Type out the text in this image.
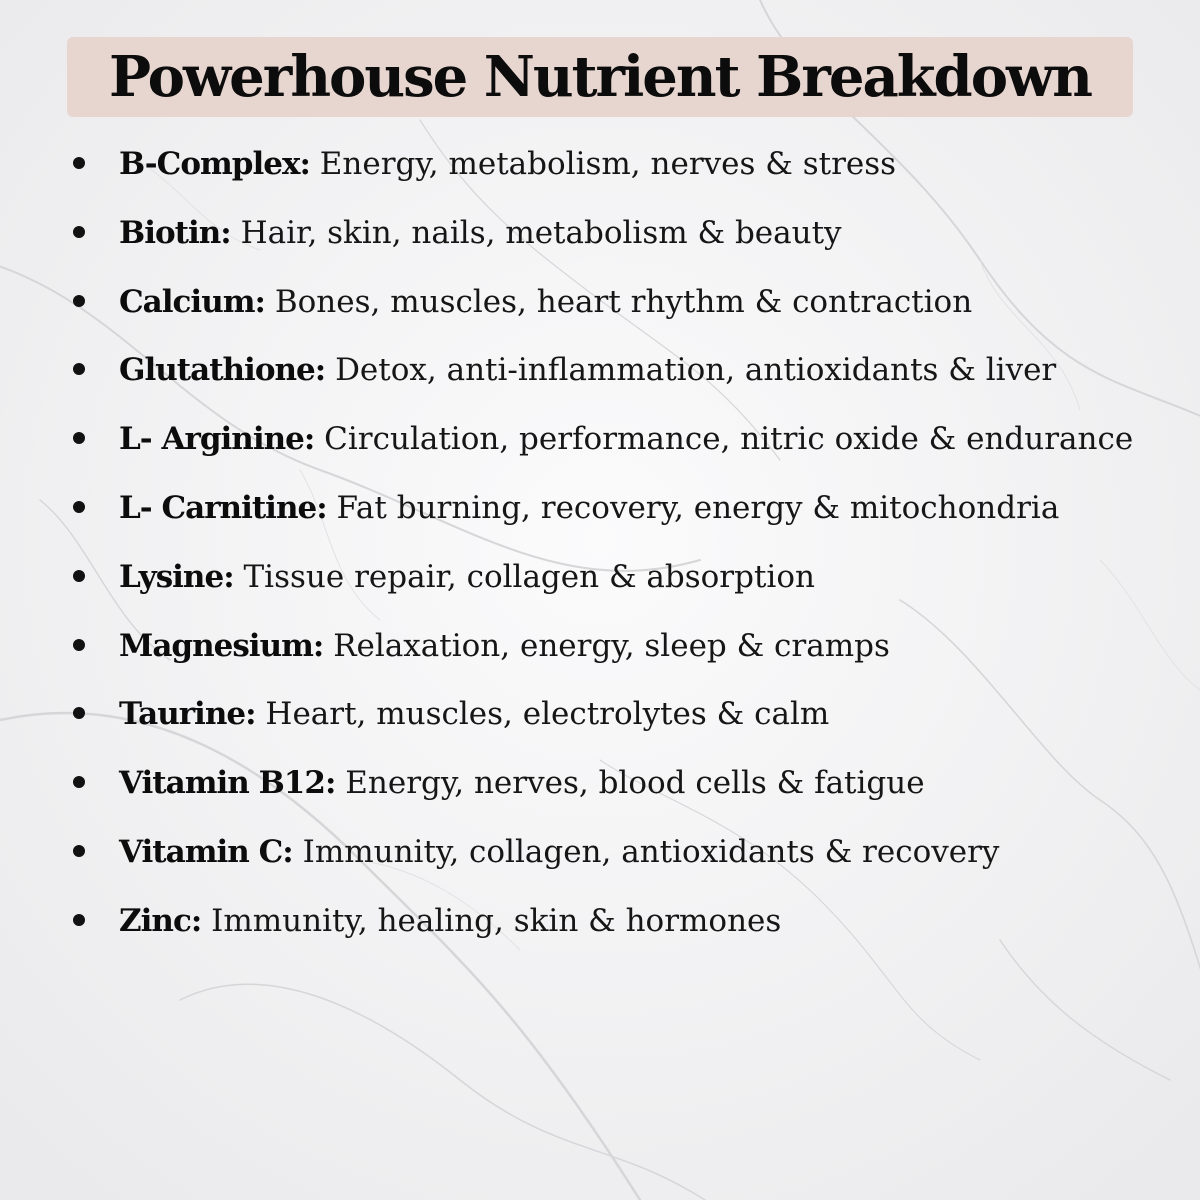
Powerhouse Nutrient Breakdown
B-Complex: Energy, metabolism, nerves & stress
Biotin: Hair, skin, nails, metabolism & beauty
Calcium: Bones, muscles, heart rhythm & contraction
Glutathione: Detox, anti-inflammation, antioxidants & liver
L- Arginine: Circulation, performance, nitric oxide & endurance
L- Carnitine: Fat burning, recovery, energy & mitochondria
Lysine: Tissue repair, collagen & absorption
Magnesium: Relaxation, energy, sleep & cramps
Taurine: Heart, muscles, electrolytes & calm
Vitamin B12: Energy, nerves, blood cells & fatigue
Vitamin C: Immunity, collagen, antioxidants & recovery
Zinc: Immunity, healing, skin & hormones
